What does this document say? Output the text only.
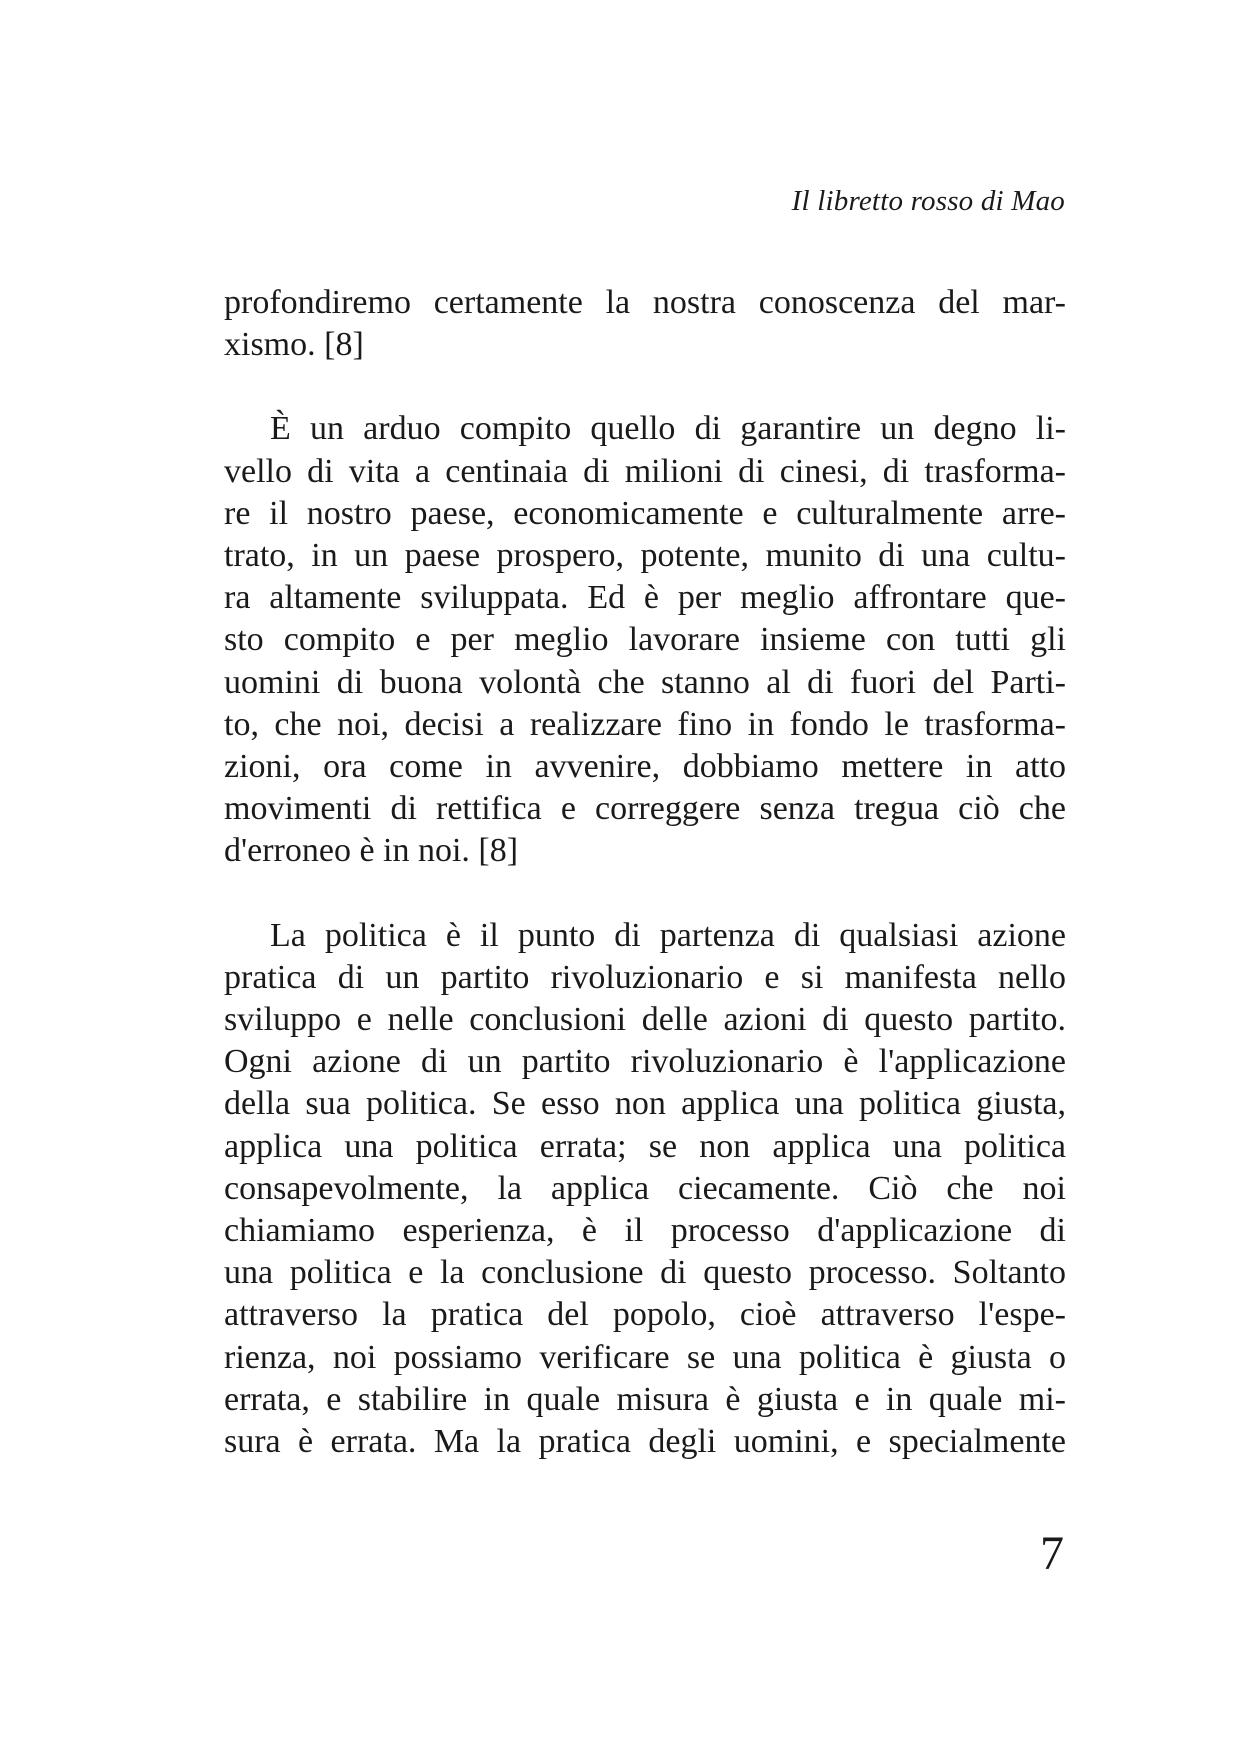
Il libretto rosso di Mao

profondiremo certamente la nostra conoscenza del mar-
xismo. [8]

È un arduo compito quello di garantire un degno li-
vello di vita a centinaia di milioni di cinesi, di trasforma-
re il nostro paese, economicamente e culturalmente arre-
trato, in un paese prospero, potente, munito di una cultu-
ra altamente sviluppata. Ed è per meglio affrontare que-
sto compito e per meglio lavorare insieme con tutti gli
uomini di buona volontà che stanno al di fuori del Parti-
to, che noi, decisi a realizzare fino in fondo le trasforma-
zioni, ora come in avvenire, dobbiamo mettere in atto
movimenti di rettifica e correggere senza tregua ciò che
d'erroneo è in noi. [8]

La politica è il punto di partenza di qualsiasi azione
pratica di un partito rivoluzionario e si manifesta nello
sviluppo e nelle conclusioni delle azioni di questo partito.
Ogni azione di un partito rivoluzionario è l'applicazione
della sua politica. Se esso non applica una politica giusta,
applica una politica errata; se non applica una politica
consapevolmente, la applica ciecamente. Ciò che noi
chiamiamo esperienza, è il processo d'applicazione di
una politica e la conclusione di questo processo. Soltanto
attraverso la pratica del popolo, cioè attraverso l'espe-
rienza, noi possiamo verificare se una politica è giusta o
errata, e stabilire in quale misura è giusta e in quale mi-
sura è errata. Ma la pratica degli uomini, e specialmente

7
